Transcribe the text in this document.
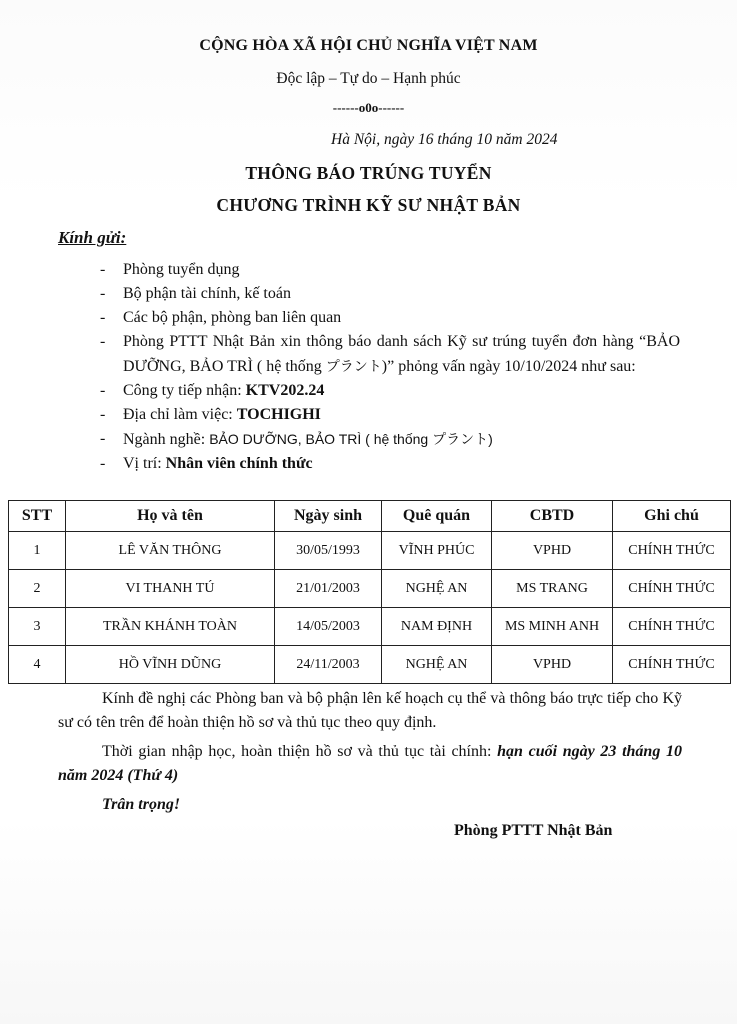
CỘNG HÒA XÃ HỘI CHỦ NGHĨA VIỆT NAM
Độc lập – Tự do – Hạnh phúc
------o0o------
Hà Nội, ngày 16 tháng 10 năm 2024
THÔNG BÁO TRÚNG TUYỂN
CHƯƠNG TRÌNH KỸ SƯ NHẬT BẢN
Kính gửi:
- Phòng tuyển dụng
- Bộ phận tài chính, kế toán
- Các bộ phận, phòng ban liên quan
- Phòng PTTT Nhật Bản xin thông báo danh sách Kỹ sư trúng tuyển đơn hàng “BẢO DƯỠNG, BẢO TRÌ ( hệ thống プラント)” phỏng vấn ngày 10/10/2024 như sau:
- Công ty tiếp nhận: KTV202.24
- Địa chỉ làm việc: TOCHIGHI
- Ngành nghề: BẢO DƯỠNG, BẢO TRÌ ( hệ thống プラント)
- Vị trí: Nhân viên chính thức
STT	Họ và tên	Ngày sinh	Quê quán	CBTD	Ghi chú
1	LÊ VĂN THÔNG	30/05/1993	VĨNH PHÚC	VPHD	CHÍNH THỨC
2	VI THANH TÚ	21/01/2003	NGHỆ AN	MS TRANG	CHÍNH THỨC
3	TRẦN KHÁNH TOÀN	14/05/2003	NAM ĐỊNH	MS MINH ANH	CHÍNH THỨC
4	HỒ VĨNH DŨNG	24/11/2003	NGHỆ AN	VPHD	CHÍNH THỨC
Kính đề nghị các Phòng ban và bộ phận lên kế hoạch cụ thể và thông báo trực tiếp cho Kỹ sư có tên trên để hoàn thiện hồ sơ và thủ tục theo quy định.
Thời gian nhập học, hoàn thiện hồ sơ và thủ tục tài chính: hạn cuối ngày 23 tháng 10 năm 2024 (Thứ 4)
Trân trọng!
Phòng PTTT Nhật Bản
